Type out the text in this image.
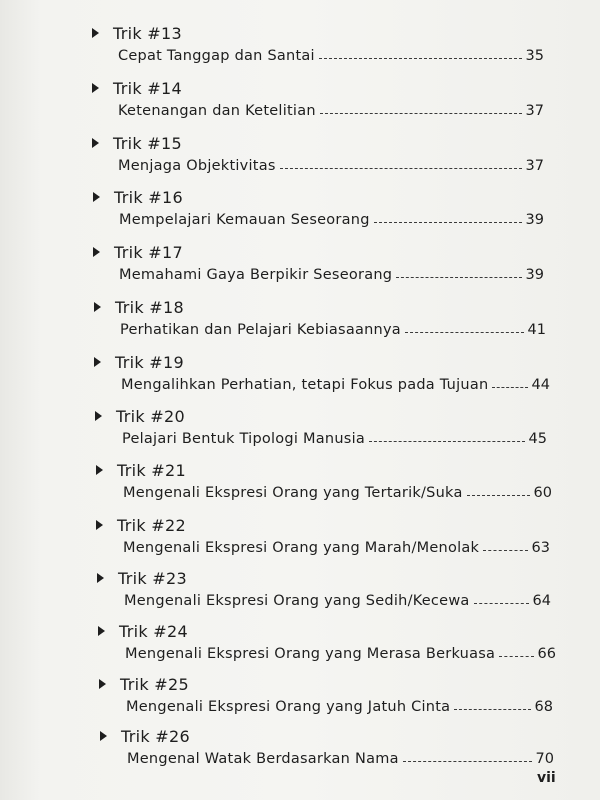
Trik #13
Cepat Tanggap dan Santai	35
Trik #14
Ketenangan dan Ketelitian	37
Trik #15
Menjaga Objektivitas	37
Trik #16
Mempelajari Kemauan Seseorang	39
Trik #17
Memahami Gaya Berpikir Seseorang	39
Trik #18
Perhatikan dan Pelajari Kebiasaannya	41
Trik #19
Mengalihkan Perhatian, tetapi Fokus pada Tujuan	44
Trik #20
Pelajari Bentuk Tipologi Manusia	45
Trik #21
Mengenali Ekspresi Orang yang Tertarik/Suka	60
Trik #22
Mengenali Ekspresi Orang yang Marah/Menolak	63
Trik #23
Mengenali Ekspresi Orang yang Sedih/Kecewa	64
Trik #24
Mengenali Ekspresi Orang yang Merasa Berkuasa	66
Trik #25
Mengenali Ekspresi Orang yang Jatuh Cinta	68
Trik #26
Mengenal Watak Berdasarkan Nama	70
vii
